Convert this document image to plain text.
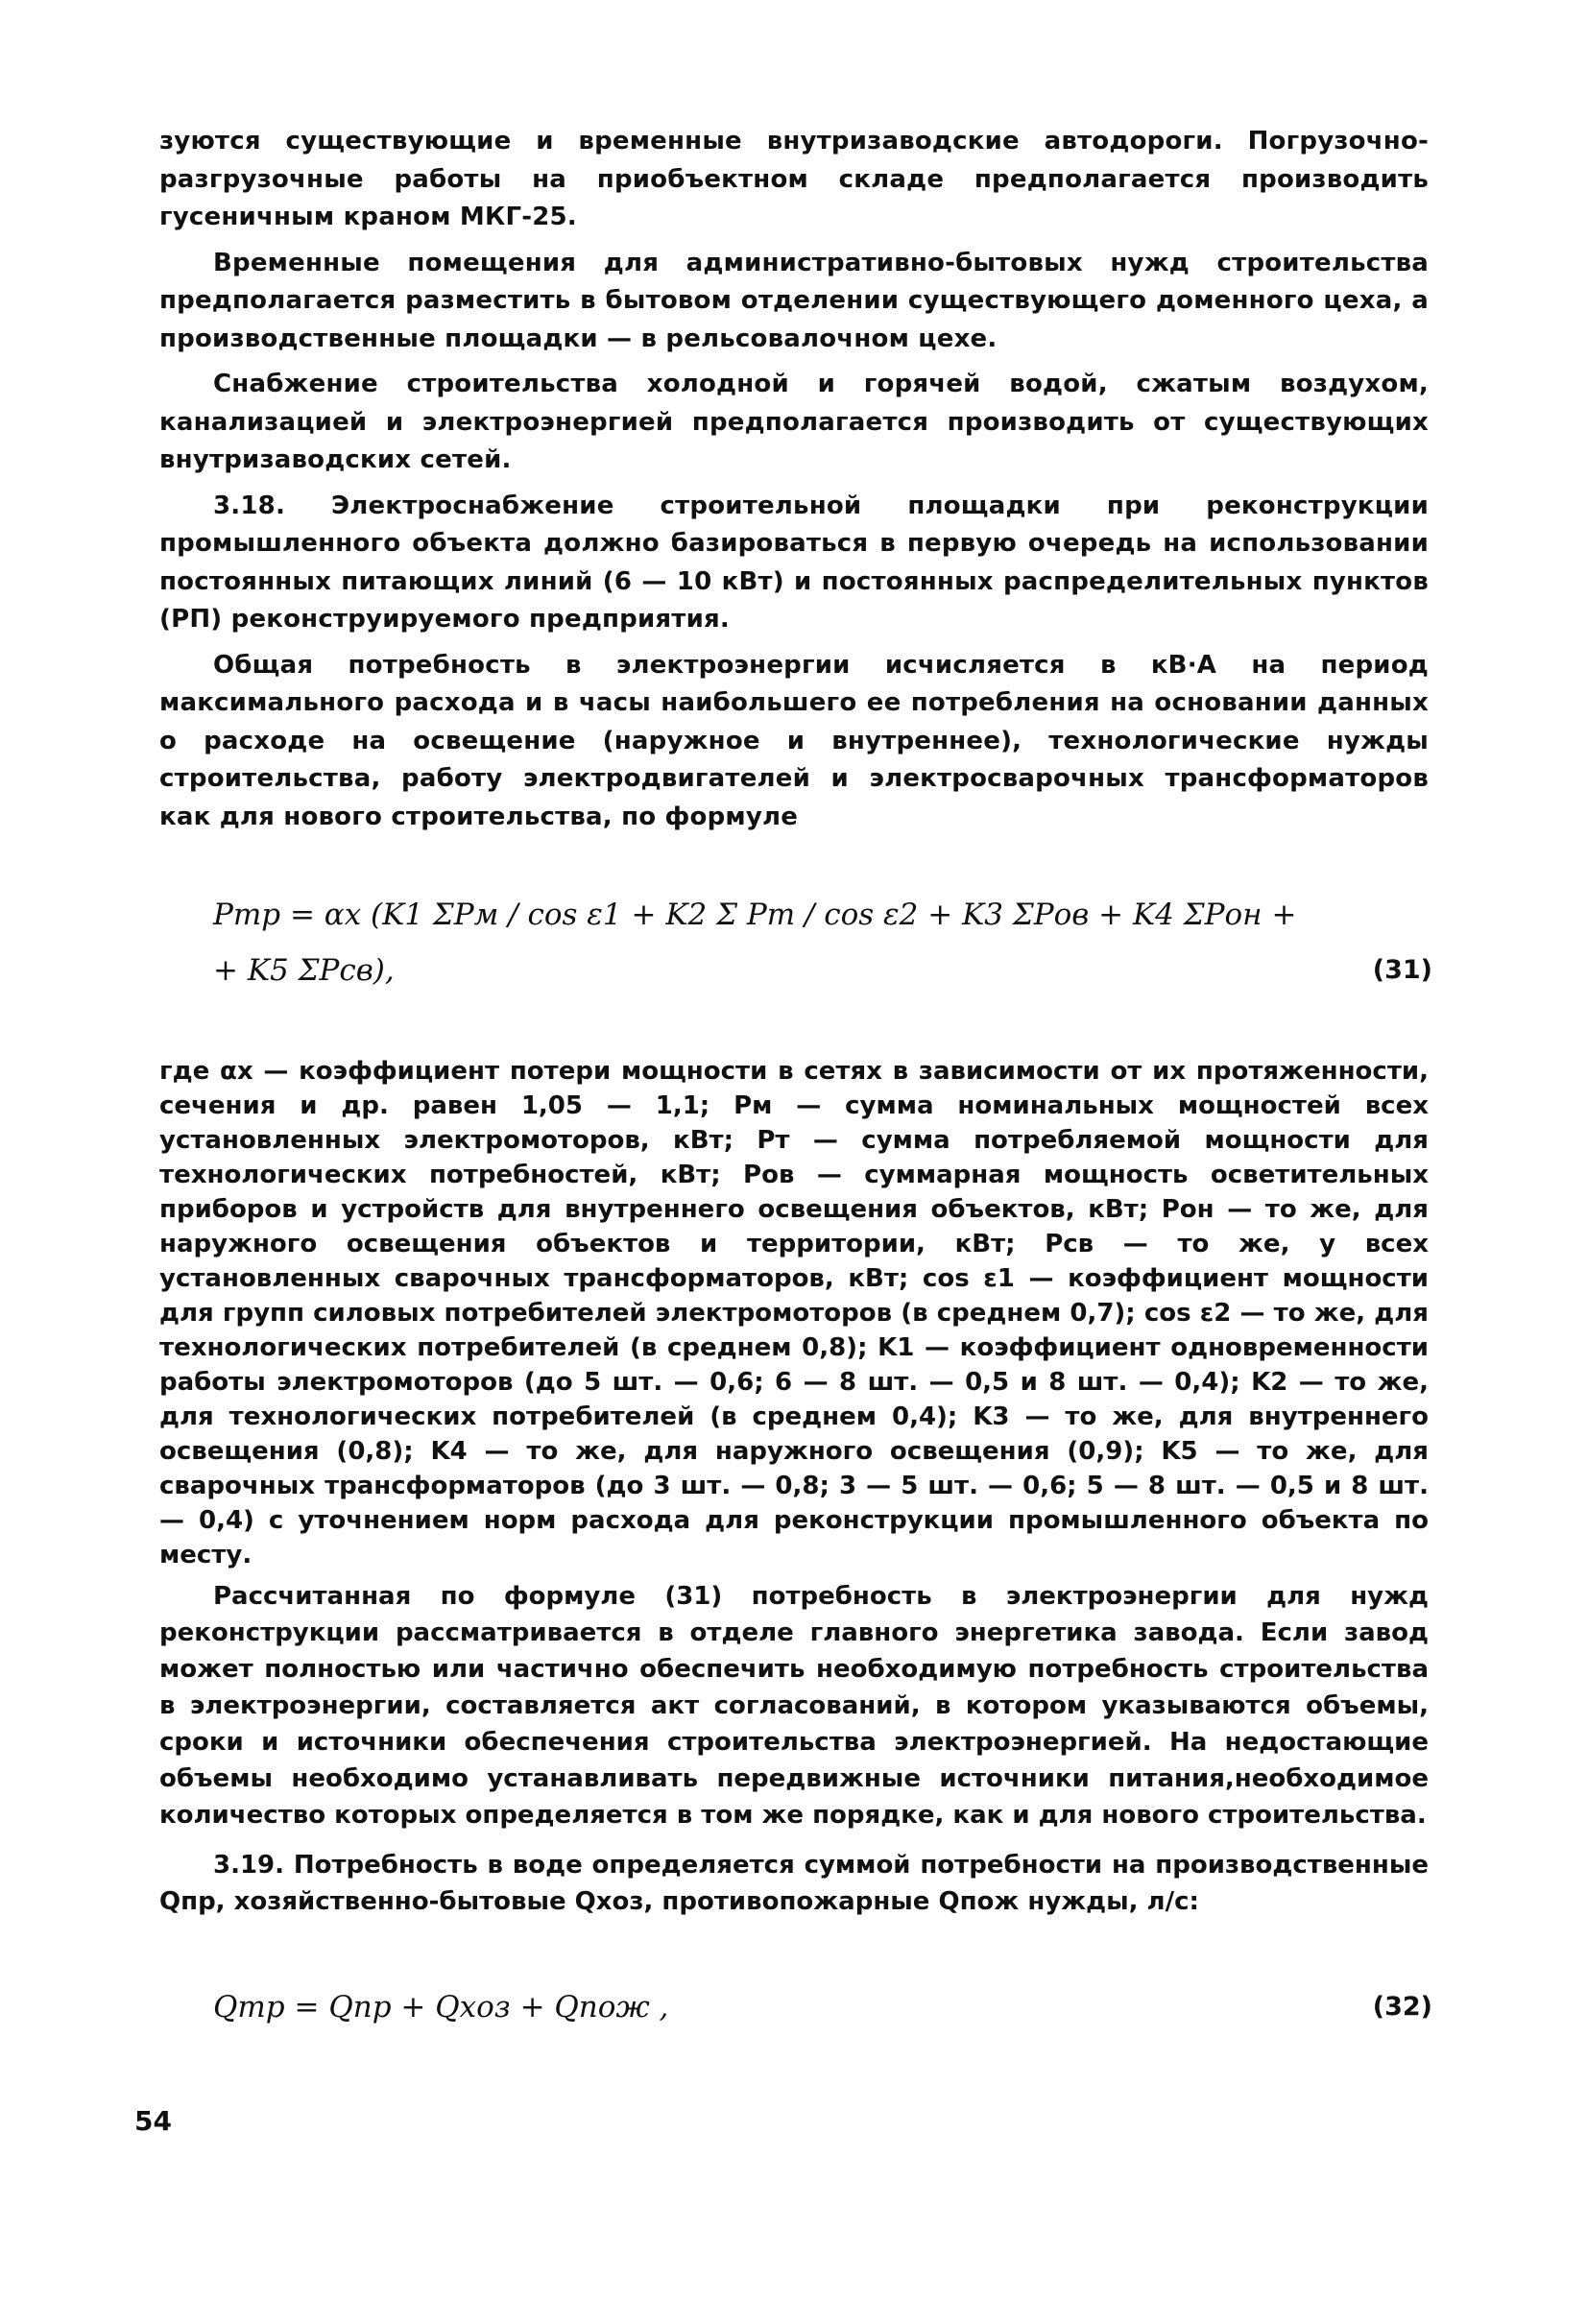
зуются существующие и временные внутризаводские автодороги. Погрузочно-разгрузочные работы на приобъектном складе предполагается производить гусеничным краном МКГ-25.

Временные помещения для административно-бытовых нужд строительства предполагается разместить в бытовом отделении существующего доменного цеха, а производственные площадки — в рельсовалочном цехе.

Снабжение строительства холодной и горячей водой, сжатым воздухом, канализацией и электроэнергией предполагается производить от существующих внутризаводских сетей.

3.18. Электроснабжение строительной площадки при реконструкции промышленного объекта должно базироваться в первую очередь на использовании постоянных питающих линий (6 — 10 кВт) и постоянных распределительных пунктов (РП) реконструируемого предприятия.

Общая потребность в электроэнергии исчисляется в кВ·А на период максимального расхода и в часы наибольшего ее потребления на основании данных о расходе на освещение (наружное и внутреннее), технологические нужды строительства, работу электродвигателей и электросварочных трансформаторов как для нового строительства, по формуле

Pтр = αx (K1 ΣPм / cos ε1 + K2 Σ Pт / cos ε2 + K3 ΣPов + K4 ΣPон +
+ K5 ΣPсв),	(31)

где αx — коэффициент потери мощности в сетях в зависимости от их протяженности, сечения и др. равен 1,05 — 1,1; Pм — сумма номинальных мощностей всех установленных электромоторов, кВт; Pт — сумма потребляемой мощности для технологических потребностей, кВт; Pов — суммарная мощность осветительных приборов и устройств для внутреннего освещения объектов, кВт; Pон — то же, для наружного освещения объектов и территории, кВт; Pсв — то же, у всех установленных сварочных трансформаторов, кВт; cos ε1 — коэффициент мощности для групп силовых потребителей электромоторов (в среднем 0,7); cos ε2 — то же, для технологических потребителей (в среднем 0,8); K1 — коэффициент одновременности работы электромоторов (до 5 шт. — 0,6; 6 — 8 шт. — 0,5 и 8 шт. — 0,4); K2 — то же, для технологических потребителей (в среднем 0,4); K3 — то же, для внутреннего освещения (0,8); K4 — то же, для наружного освещения (0,9); K5 — то же, для сварочных трансформаторов (до 3 шт. — 0,8; 3 — 5 шт. — 0,6; 5 — 8 шт. — 0,5 и 8 шт. — 0,4) с уточнением норм расхода для реконструкции промышленного объекта по месту.

Рассчитанная по формуле (31) потребность в электроэнергии для нужд реконструкции рассматривается в отделе главного энергетика завода. Если завод может полностью или частично обеспечить необходимую потребность строительства в электроэнергии, составляется акт согласований, в котором указываются объемы, сроки и источники обеспечения строительства электроэнергией. На недостающие объемы необходимо устанавливать передвижные источники питания,необходимое количество которых определяется в том же порядке, как и для нового строительства.

3.19. Потребность в воде определяется суммой потребности на производственные Qпр, хозяйственно-бытовые Qхоз, противопожарные Qпож нужды, л/с:

Qтр = Qпр + Qхоз + Qпож ,	(32)
54
